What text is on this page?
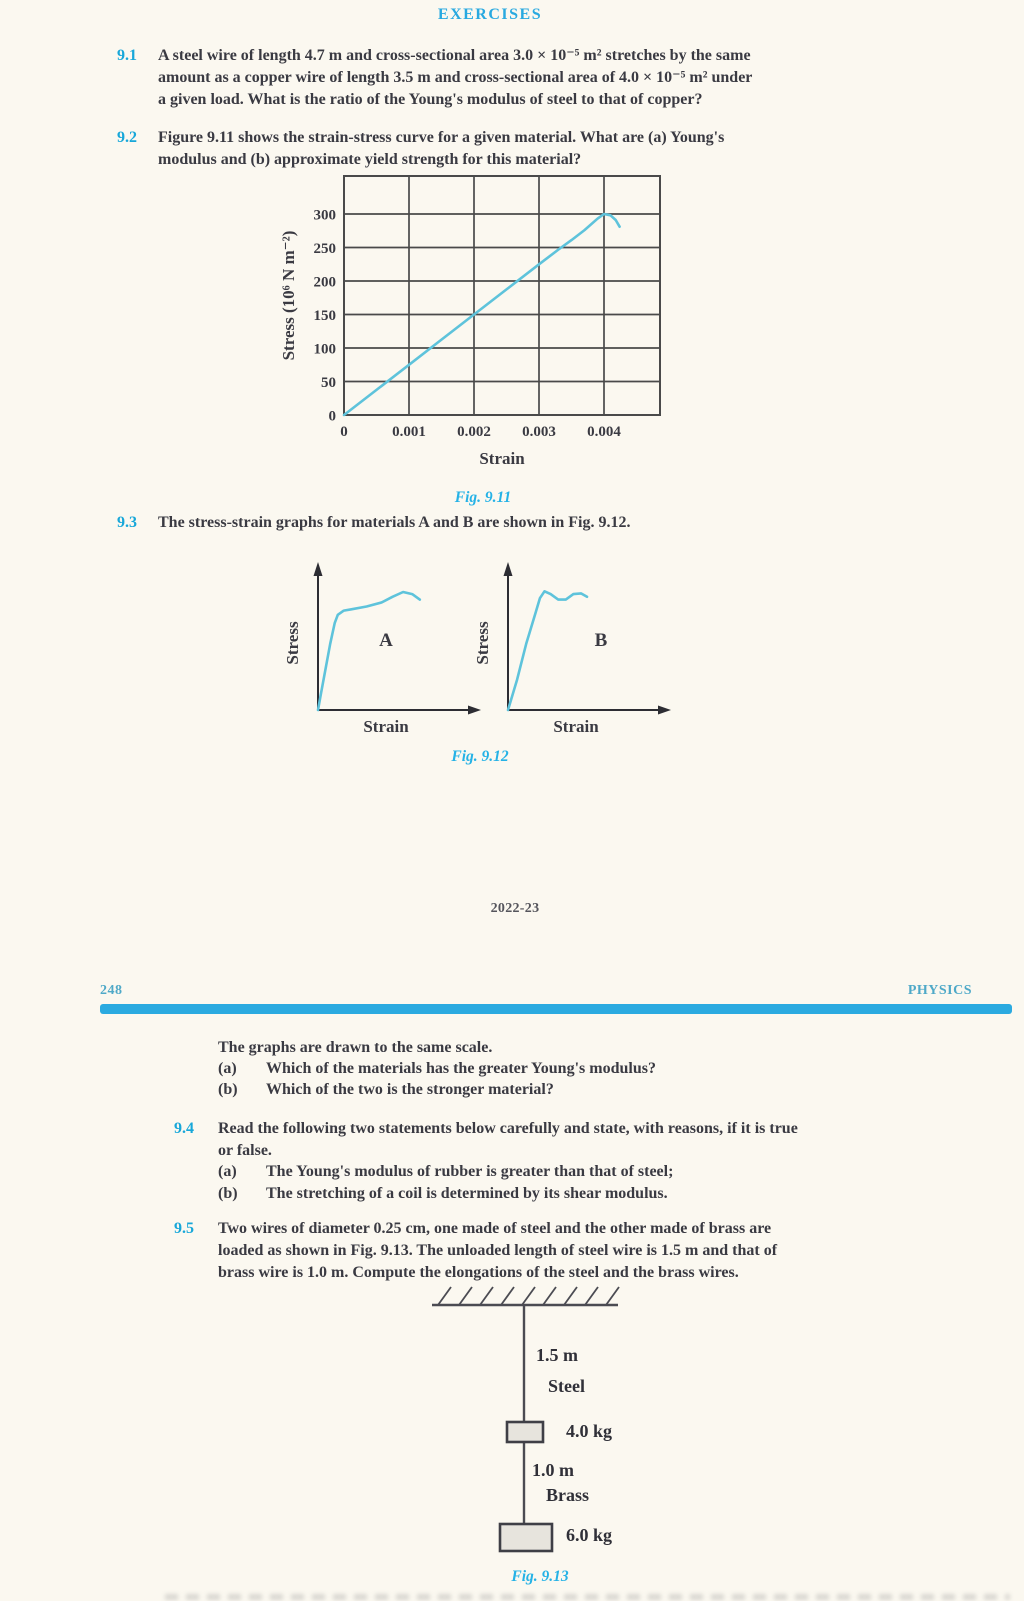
EXERCISES
9.1 A steel wire of length 4.7 m and cross-sectional area 3.0 × 10⁻⁵ m² stretches by the same
amount as a copper wire of length 3.5 m and cross-sectional area of 4.0 × 10⁻⁵ m² under
a given load. What is the ratio of the Young's modulus of steel to that of copper?
9.2 Figure 9.11 shows the strain-stress curve for a given material. What are (a) Young's
modulus and (b) approximate yield strength for this material?
0	0.001 0.002 0.003 0.004
0
50
100
150
200
250
300
Strain
Stress (10⁶ N m⁻²)
Fig. 9.11
9.3 The stress-strain graphs for materials A and B are shown in Fig. 9.12.
Strain
Stress	A
Strain
Stress	B
Fig. 9.12
2022-23
248	PHYSICS
The graphs are drawn to the same scale.
(a)	Which of the materials has the greater Young's modulus?
(b)	Which of the two is the stronger material?
9.4 Read the following two statements below carefully and state, with reasons, if it is true
or false.
(a)	The Young's modulus of rubber is greater than that of steel;
(b)	The stretching of a coil is determined by its shear modulus.
9.5 Two wires of diameter 0.25 cm, one made of steel and the other made of brass are
loaded as shown in Fig. 9.13. The unloaded length of steel wire is 1.5 m and that of
brass wire is 1.0 m. Compute the elongations of the steel and the brass wires.
1.5 m
Steel
4.0 kg
1.0 m
Brass
6.0 kg
Fig. 9.13
